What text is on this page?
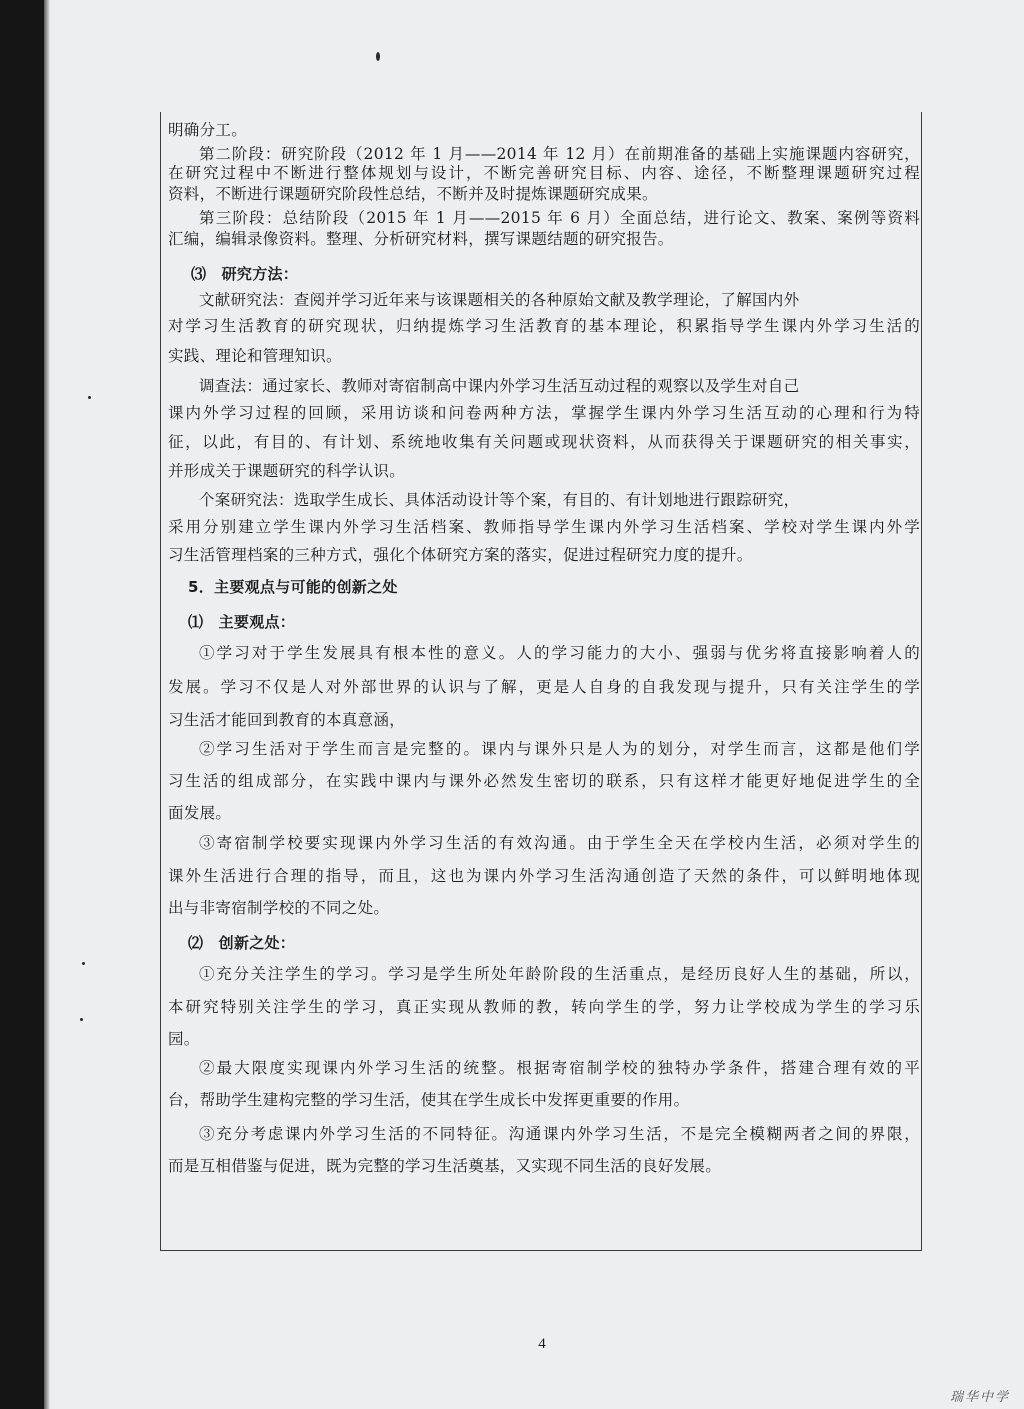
明确分工。
第二阶段：研究阶段（2012 年 1 月——2014 年 12 月）在前期准备的基础上实施课题内容研究，
在研究过程中不断进行整体规划与设计，不断完善研究目标、内容、途径，不断整理课题研究过程
资料，不断进行课题研究阶段性总结，不断并及时提炼课题研究成果。
第三阶段：总结阶段（2015 年 1 月——2015 年 6 月）全面总结，进行论文、教案、案例等资料
汇编，编辑录像资料。整理、分析研究材料，撰写课题结题的研究报告。
⑶　研究方法：
文献研究法：查阅并学习近年来与该课题相关的各种原始文献及教学理论，了解国内外
对学习生活教育的研究现状，归纳提炼学习生活教育的基本理论，积累指导学生课内外学习生活的
实践、理论和管理知识。
调查法：通过家长、教师对寄宿制高中课内外学习生活互动过程的观察以及学生对自己
课内外学习过程的回顾，采用访谈和问卷两种方法，掌握学生课内外学习生活互动的心理和行为特
征，以此，有目的、有计划、系统地收集有关问题或现状资料，从而获得关于课题研究的相关事实，
并形成关于课题研究的科学认识。
个案研究法：选取学生成长、具体活动设计等个案，有目的、有计划地进行跟踪研究，
采用分别建立学生课内外学习生活档案、教师指导学生课内外学习生活档案、学校对学生课内外学
习生活管理档案的三种方式，强化个体研究方案的落实，促进过程研究力度的提升。
5．主要观点与可能的创新之处
⑴　主要观点：
①学习对于学生发展具有根本性的意义。人的学习能力的大小、强弱与优劣将直接影响着人的
发展。学习不仅是人对外部世界的认识与了解，更是人自身的自我发现与提升，只有关注学生的学
习生活才能回到教育的本真意涵，
②学习生活对于学生而言是完整的。课内与课外只是人为的划分，对学生而言，这都是他们学
习生活的组成部分，在实践中课内与课外必然发生密切的联系，只有这样才能更好地促进学生的全
面发展。
③寄宿制学校要实现课内外学习生活的有效沟通。由于学生全天在学校内生活，必须对学生的
课外生活进行合理的指导，而且，这也为课内外学习生活沟通创造了天然的条件，可以鲜明地体现
出与非寄宿制学校的不同之处。
⑵　创新之处：
①充分关注学生的学习。学习是学生所处年龄阶段的生活重点，是经历良好人生的基础，所以，
本研究特别关注学生的学习，真正实现从教师的教，转向学生的学，努力让学校成为学生的学习乐
园。
②最大限度实现课内外学习生活的统整。根据寄宿制学校的独特办学条件，搭建合理有效的平
台，帮助学生建构完整的学习生活，使其在学生成长中发挥更重要的作用。
③充分考虑课内外学习生活的不同特征。沟通课内外学习生活，不是完全模糊两者之间的界限，
而是互相借鉴与促进，既为完整的学习生活奠基，又实现不同生活的良好发展。
4
瑞华中学
